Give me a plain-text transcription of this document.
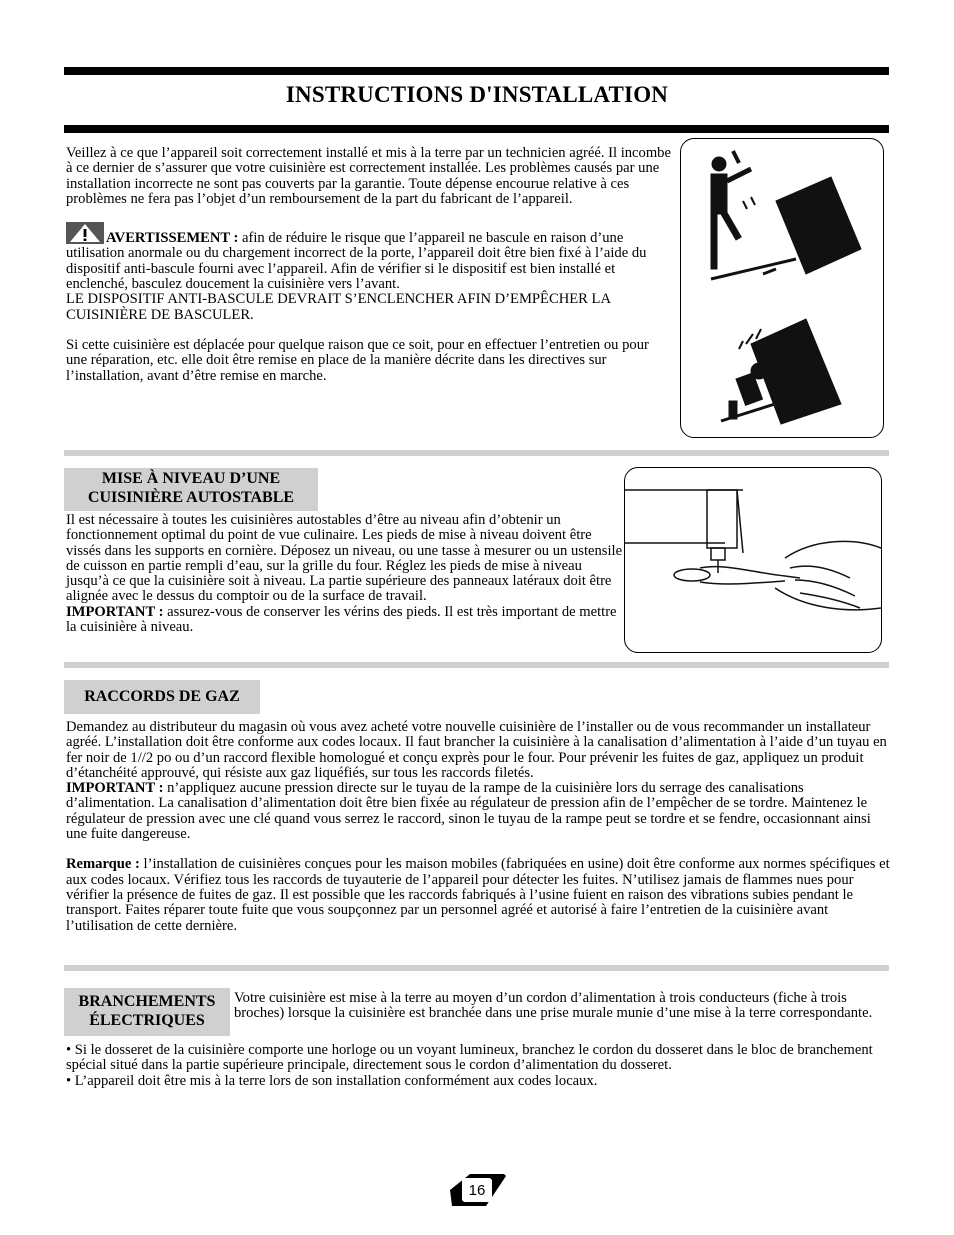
INSTRUCTIONS D'INSTALLATION

Veillez à ce que l’appareil soit correctement installé et mis à la terre par un technicien agréé. Il incombe à ce dernier de s’assurer que votre cuisinière est correctement installée. Les problèmes causés par une installation incorrecte ne sont pas couverts par la garantie. Toute dépense encourue relative à ces problèmes ne fera pas l’objet d’un remboursement de la part du fabricant de l’appareil.

AVERTISSEMENT : afin de réduire le risque que l’appareil ne bascule en raison d’une utilisation anormale ou du chargement incorrect de la porte, l’appareil doit être bien fixé à l’aide du dispositif anti-bascule fourni avec l’appareil. Afin de vérifier si le dispositif est bien installé et enclenché, basculez doucement la cuisinière vers l’avant.
LE DISPOSITIF ANTI-BASCULE DEVRAIT S’ENCLENCHER AFIN D’EMPÊCHER LA CUISINIÈRE DE BASCULER.

Si cette cuisinière est déplacée pour quelque raison que ce soit, pour en effectuer l’entretien ou pour une réparation, etc. elle doit être remise en place de la manière décrite dans les directives sur l’installation, avant d’être remise en marche.

MISE À NIVEAU D’UNE
CUISINIÈRE AUTOSTABLE

Il est nécessaire à toutes les cuisinières autostables d’être au niveau afin d’obtenir un fonctionnement optimal du point de vue culinaire. Les pieds de mise à niveau doivent être vissés dans les supports en cornière. Déposez un niveau, ou une tasse à mesurer ou un ustensile de cuisson en partie rempli d’eau, sur la grille du four. Réglez les pieds de mise à niveau jusqu’à ce que la cuisinière soit à niveau. La partie supérieure des panneaux latéraux doit être alignée avec le dessus du comptoir ou de la surface de travail.
IMPORTANT : assurez-vous de conserver les vérins des pieds. Il est très important de mettre la cuisinière à niveau.

RACCORDS DE GAZ

Demandez au distributeur du magasin où vous avez acheté votre nouvelle cuisinière de l’installer ou de vous recommander un installateur agréé. L’installation doit être conforme aux codes locaux. Il faut brancher la cuisinière à la canalisation d’alimentation à l’aide d’un tuyau en fer noir de 1//2 po ou d’un raccord flexible homologué et conçu exprès pour le four. Pour prévenir les fuites de gaz, appliquez un produit d’étanchéité approuvé, qui résiste aux gaz liquéfiés, sur tous les raccords filetés.
IMPORTANT : n’appliquez aucune pression directe sur le tuyau de la rampe de la cuisinière lors du serrage des canalisations d’alimentation. La canalisation d’alimentation doit être bien fixée au régulateur de pression afin de l’empêcher de se tordre. Maintenez le régulateur de pression avec une clé quand vous serrez le raccord, sinon le tuyau de la rampe peut se tordre et se fendre, occasionnant ainsi une fuite dangereuse.

Remarque : l’installation de cuisinières conçues pour les maison mobiles (fabriquées en usine) doit être conforme aux normes spécifiques et aux codes locaux. Vérifiez tous les raccords de tuyauterie de l’appareil pour détecter les fuites. N’utilisez jamais de flammes nues pour vérifier la présence de fuites de gaz. Il est possible que les raccords fabriqués à l’usine fuient en raison des vibrations subies pendant le transport. Faites réparer toute fuite que vous soupçonnez par un personnel agréé et autorisé à faire l’entretien de la cuisinière avant l’utilisation de cette dernière.

BRANCHEMENTS
ÉLECTRIQUES
Votre cuisinière est mise à la terre au moyen d’un cordon d’alimentation à trois conducteurs (fiche à trois broches) lorsque la cuisinière est branchée dans une prise murale munie d’une mise à la terre correspondante.

• Si le dosseret de la cuisinière comporte une horloge ou un voyant lumineux, branchez le cordon du dosseret dans le bloc de branchement spécial situé dans la partie supérieure principale, directement sous le cordon d’alimentation du dosseret.

• L’appareil doit être mis à la terre lors de son installation conformément aux codes locaux.

16
